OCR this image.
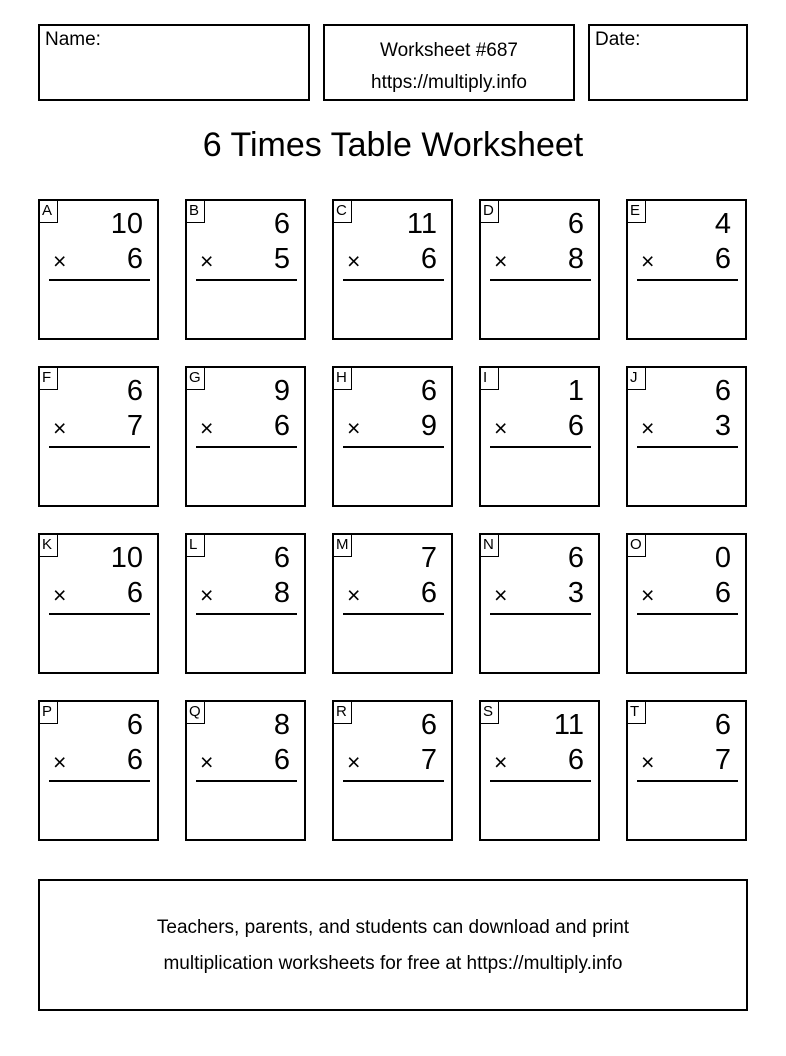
Name:
Worksheet #687
https://multiply.info
Date:
6 Times Table Worksheet
A 10
× 6
B	6
× 5
C 11
× 6
D	6
× 8
E	4
× 6
F	6
× 7
G	9
× 6
H	6
× 9
I	1
× 6
J	6
× 3
K 10
× 6
L	6
× 8
M 7
× 6
N	6
× 3
O	0
× 6
P	6
× 6
Q	8
× 6
R	6
× 7
S 11
× 6
T	6
× 7
Teachers, parents, and students can download and print
multiplication worksheets for free at https://multiply.info
